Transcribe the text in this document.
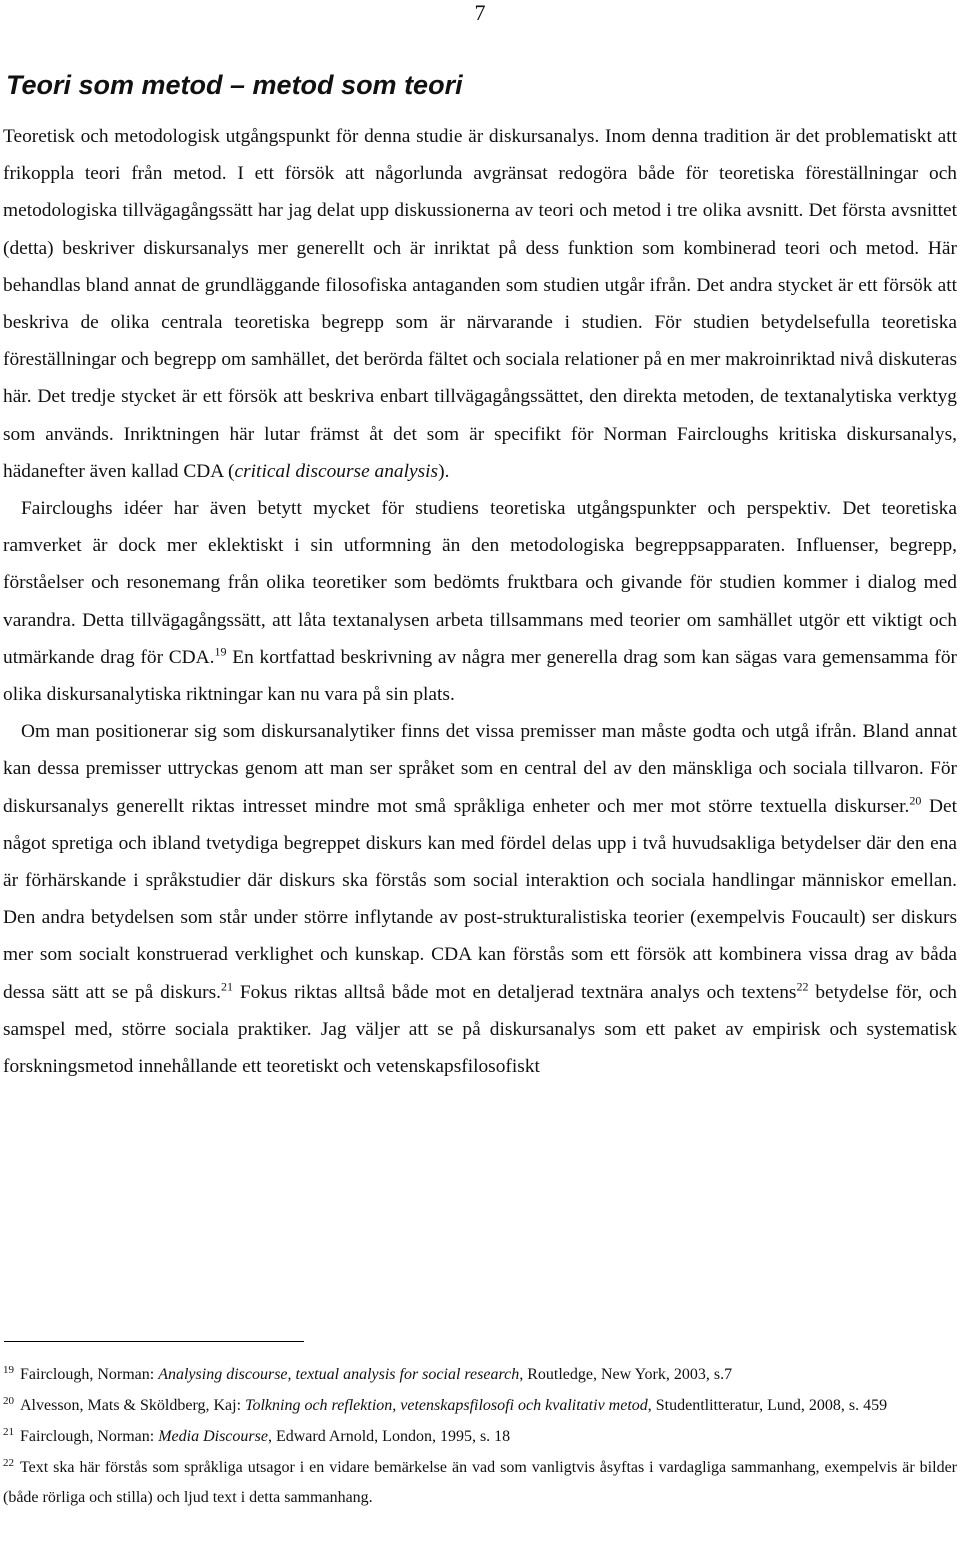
7
Teori som metod – metod som teori

Teoretisk och metodologisk utgångspunkt för denna studie är diskursanalys. Inom denna tradition är det problematiskt att frikoppla teori från metod. I ett försök att någorlunda avgränsat redogöra både för teoretiska föreställningar och metodologiska tillvägagångssätt har jag delat upp diskussionerna av teori och metod i tre olika avsnitt. Det första avsnittet (detta) beskriver diskursanalys mer generellt och är inriktat på dess funktion som kombinerad teori och metod. Här behandlas bland annat de grundläggande filosofiska antaganden som studien utgår ifrån. Det andra stycket är ett försök att beskriva de olika centrala teoretiska begrepp som är närvarande i studien. För studien betydelsefulla teoretiska föreställningar och begrepp om samhället, det berörda fältet och sociala relationer på en mer makroinriktad nivå diskuteras här. Det tredje stycket är ett försök att beskriva enbart tillvägagångssättet, den direkta metoden, de textanalytiska verktyg som används. Inriktningen här lutar främst åt det som är specifikt för Norman Faircloughs kritiska diskursanalys, hädanefter även kallad CDA (critical discourse analysis).

Faircloughs idéer har även betytt mycket för studiens teoretiska utgångspunkter och perspektiv. Det teoretiska ramverket är dock mer eklektiskt i sin utformning än den metodologiska begreppsapparaten. Influenser, begrepp, förståelser och resonemang från olika teoretiker som bedömts fruktbara och givande för studien kommer i dialog med varandra. Detta tillvägagångssätt, att låta textanalysen arbeta tillsammans med teorier om samhället utgör ett viktigt och utmärkande drag för CDA.$^{19}$ En kortfattad beskrivning av några mer generella drag som kan sägas vara gemensamma för olika diskursanalytiska riktningar kan nu vara på sin plats.

Om man positionerar sig som diskursanalytiker finns det vissa premisser man måste godta och utgå ifrån. Bland annat kan dessa premisser uttryckas genom att man ser språket som en central del av den mänskliga och sociala tillvaron. För diskursanalys generellt riktas intresset mindre mot små språkliga enheter och mer mot större textuella diskurser.$^{20}$ Det något spretiga och ibland tvetydiga begreppet diskurs kan med fördel delas upp i två huvudsakliga betydelser där den ena är förhärskande i språkstudier där diskurs ska förstås som social interaktion och sociala handlingar människor emellan. Den andra betydelsen som står under större inflytande av post-strukturalistiska teorier (exempelvis Foucault) ser diskurs mer som socialt konstruerad verklighet och kunskap. CDA kan förstås som ett försök att kombinera vissa drag av båda dessa sätt att se på diskurs.$^{21}$ Fokus riktas alltså både mot en detaljerad textnära analys och textens$^{22}$ betydelse för, och samspel med, större sociala praktiker. Jag väljer att se på diskursanalys som ett paket av empirisk och systematisk forskningsmetod innehållande ett teoretiskt och vetenskapsfilosofiskt

$^{19}$ Fairclough, Norman: Analysing discourse, textual analysis for social research, Routledge, New York, 2003, s.7

$^{20}$ Alvesson, Mats & Sköldberg, Kaj: Tolkning och reflektion, vetenskapsfilosofi och kvalitativ metod, Studentlitteratur, Lund, 2008, s. 459

$^{21}$ Fairclough, Norman: Media Discourse, Edward Arnold, London, 1995, s. 18

$^{22}$ Text ska här förstås som språkliga utsagor i en vidare bemärkelse än vad som vanligtvis åsyftas i vardagliga sammanhang, exempelvis är bilder (både rörliga och stilla) och ljud text i detta sammanhang.
